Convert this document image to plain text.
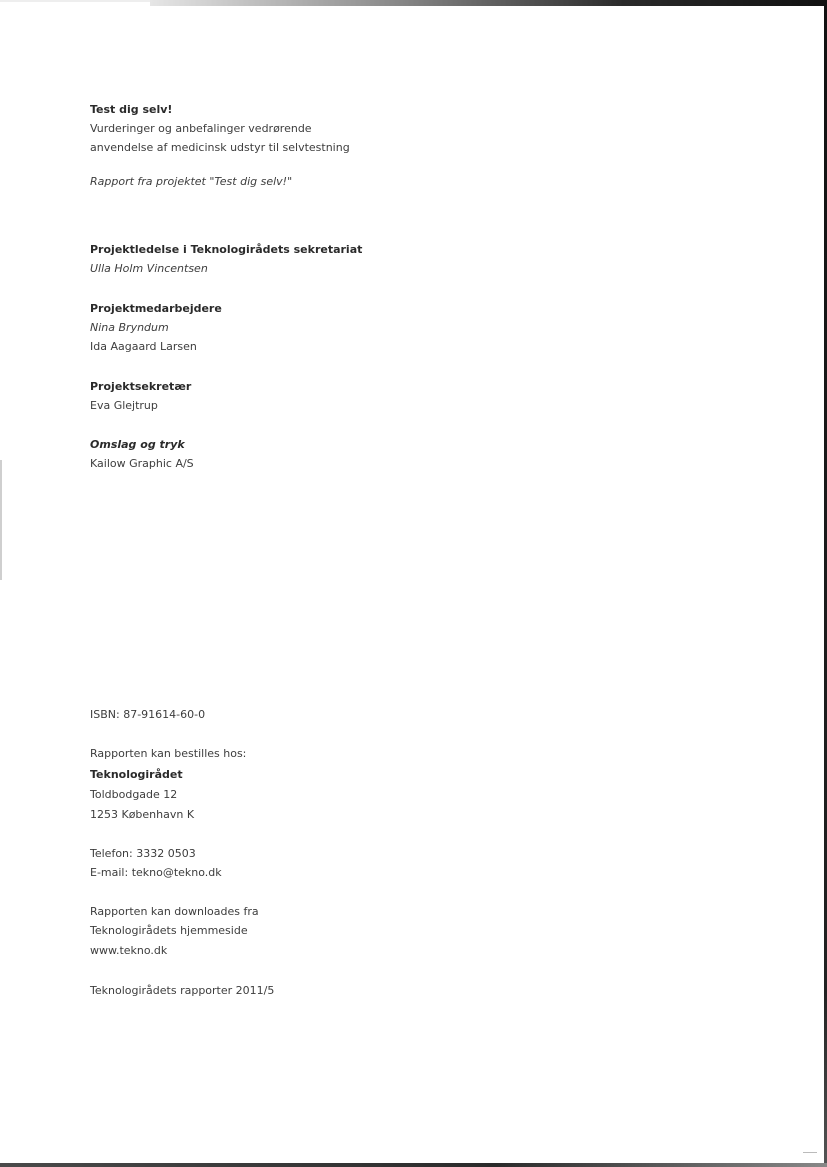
Test dig selv!
Vurderinger og anbefalinger vedrørende
anvendelse af medicinsk udstyr til selvtestning
Rapport fra projektet "Test dig selv!"
Projektledelse i Teknologirådets sekretariat
Ulla Holm Vincentsen
Projektmedarbejdere
Nina Bryndum
Ida Aagaard Larsen
Projektsekretær
Eva Glejtrup
Omslag og tryk
Kailow Graphic A/S
ISBN: 87-91614-60-0
Rapporten kan bestilles hos:
Teknologirådet
Toldbodgade 12
1253 København K
Telefon: 3332 0503
E-mail: tekno@tekno.dk
Rapporten kan downloades fra
Teknologirådets hjemmeside
www.tekno.dk
Teknologirådets rapporter 2011/5
